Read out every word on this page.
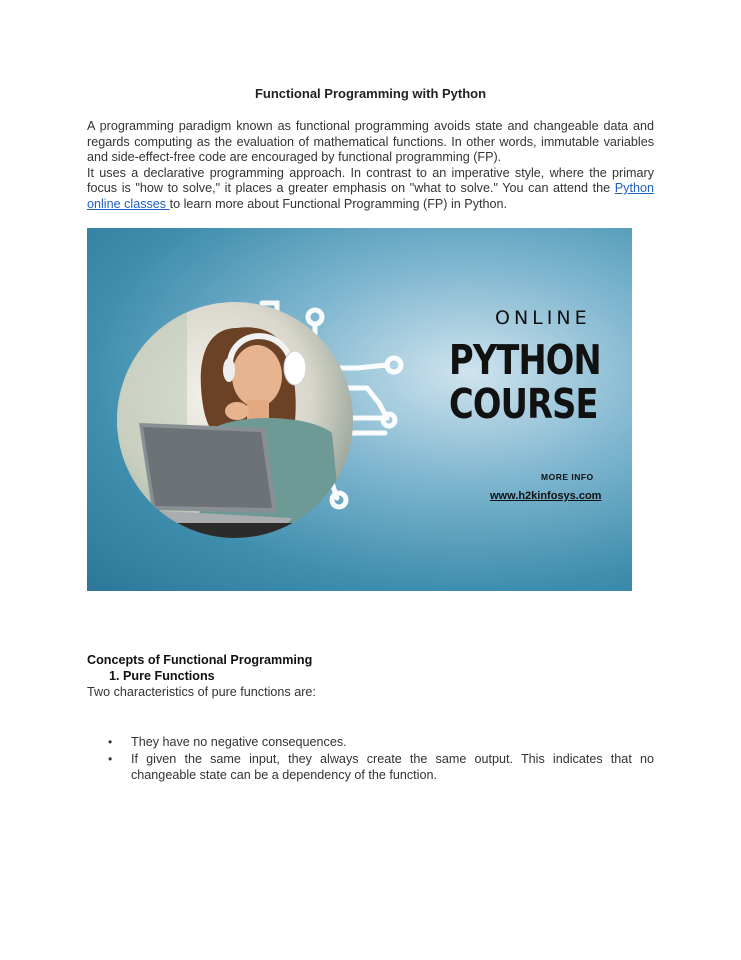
Functional Programming with Python

A programming paradigm known as functional programming avoids state and changeable data and regards computing as the evaluation of mathematical functions. In other words, immutable variables and side-effect-free code are encouraged by functional programming (FP).

It uses a declarative programming approach. In contrast to an imperative style, where the primary focus is "how to solve," it places a greater emphasis on "what to solve." You can attend the Python online classes to learn more about Functional Programming (FP) in Python.

ONLINE
PYTHON
COURSE
MORE INFO
www.h2kinfosys.com
Concepts of Functional Programming
1. Pure Functions
Two characteristics of pure functions are:
• They have no negative consequences.
• If given the same input, they always create the same output. This indicates that no changeable state can be a dependency of the function.
